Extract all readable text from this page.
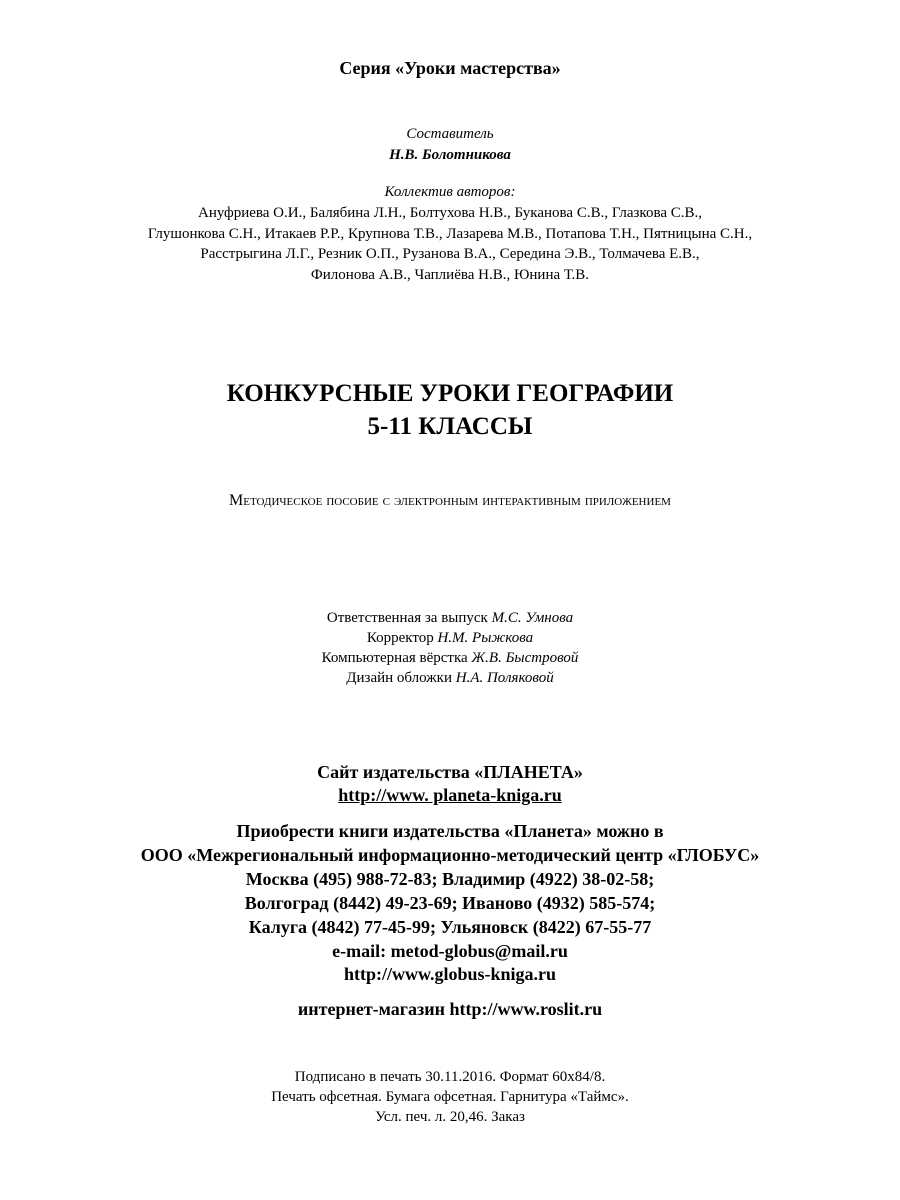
Серия «Уроки мастерства»
Составитель
Н.В. Болотникова
Коллектив авторов:
Ануфриева О.И., Балябина Л.Н., Болтухова Н.В., Буканова С.В., Глазкова С.В.,
Глушонкова С.Н., Итакаев Р.Р., Крупнова Т.В., Лазарева М.В., Потапова Т.Н., Пятницына С.Н.,
Расстрыгина Л.Г., Резник О.П., Рузанова В.А., Середина Э.В., Толмачева Е.В.,
Филонова А.В., Чаплиёва Н.В., Юнина Т.В.
КОНКУРСНЫЕ УРОКИ ГЕОГРАФИИ
5-11 КЛАССЫ
Методическое пособие с электронным интерактивным приложением
Ответственная за выпуск М.С. Умнова
Корректор Н.М. Рыжкова
Компьютерная вёрстка Ж.В. Быстровой
Дизайн обложки Н.А. Поляковой
Сайт издательства «ПЛАНЕТА»
http://www. planeta-kniga.ru
Приобрести книги издательства «Планета» можно в
ООО «Межрегиональный информационно-методический центр «ГЛОБУС»
Москва (495) 988-72-83; Владимир (4922) 38-02-58;
Волгоград (8442) 49-23-69; Иваново (4932) 585-574;
Калуга (4842) 77-45-99; Ульяновск (8422) 67-55-77
e-mail: metod-globus@mail.ru
http://www.globus-kniga.ru
интернет-магазин http://www.roslit.ru
Подписано в печать 30.11.2016. Формат 60х84/8.
Печать офсетная. Бумага офсетная. Гарнитура «Таймс».
Усл. печ. л. 20,46. Заказ
